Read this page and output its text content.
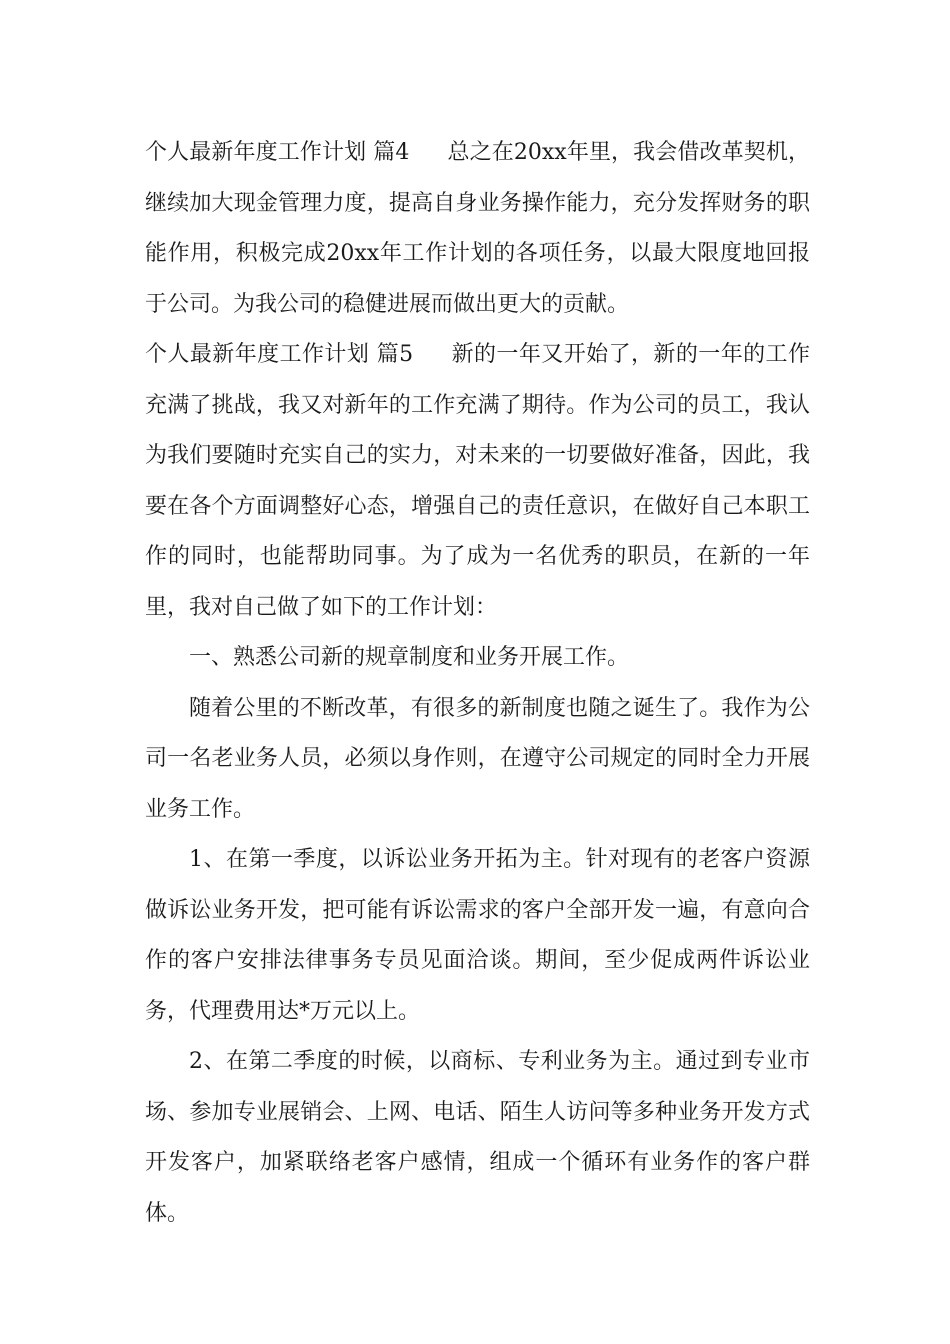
个人最新年度工作计划 篇4 总之在20xx年里，我会借改革契机，继续加大现金管理力度，提高自身业务操作能力，充分发挥财务的职能作用，积极完成20xx年工作计划的各项任务，以最大限度地回报于公司。为我公司的稳健进展而做出更大的贡献。

个人最新年度工作计划 篇5 新的一年又开始了，新的一年的工作充满了挑战，我又对新年的工作充满了期待。作为公司的员工，我认为我们要随时充实自己的实力，对未来的一切要做好准备，因此，我要在各个方面调整好心态，增强自己的责任意识，在做好自己本职工作的同时，也能帮助同事。为了成为一名优秀的职员，在新的一年里，我对自己做了如下的工作计划：

一、熟悉公司新的规章制度和业务开展工作。

随着公里的不断改革，有很多的新制度也随之诞生了。我作为公司一名老业务人员，必须以身作则，在遵守公司规定的同时全力开展业务工作。

1、在第一季度，以诉讼业务开拓为主。针对现有的老客户资源做诉讼业务开发，把可能有诉讼需求的客户全部开发一遍，有意向合作的客户安排法律事务专员见面洽谈。期间，至少促成两件诉讼业务，代理费用达*万元以上。

2、在第二季度的时候，以商标、专利业务为主。通过到专业市场、参加专业展销会、上网、电话、陌生人访问等多种业务开发方式开发客户，加紧联络老客户感情，组成一个循环有业务作的客户群体。
